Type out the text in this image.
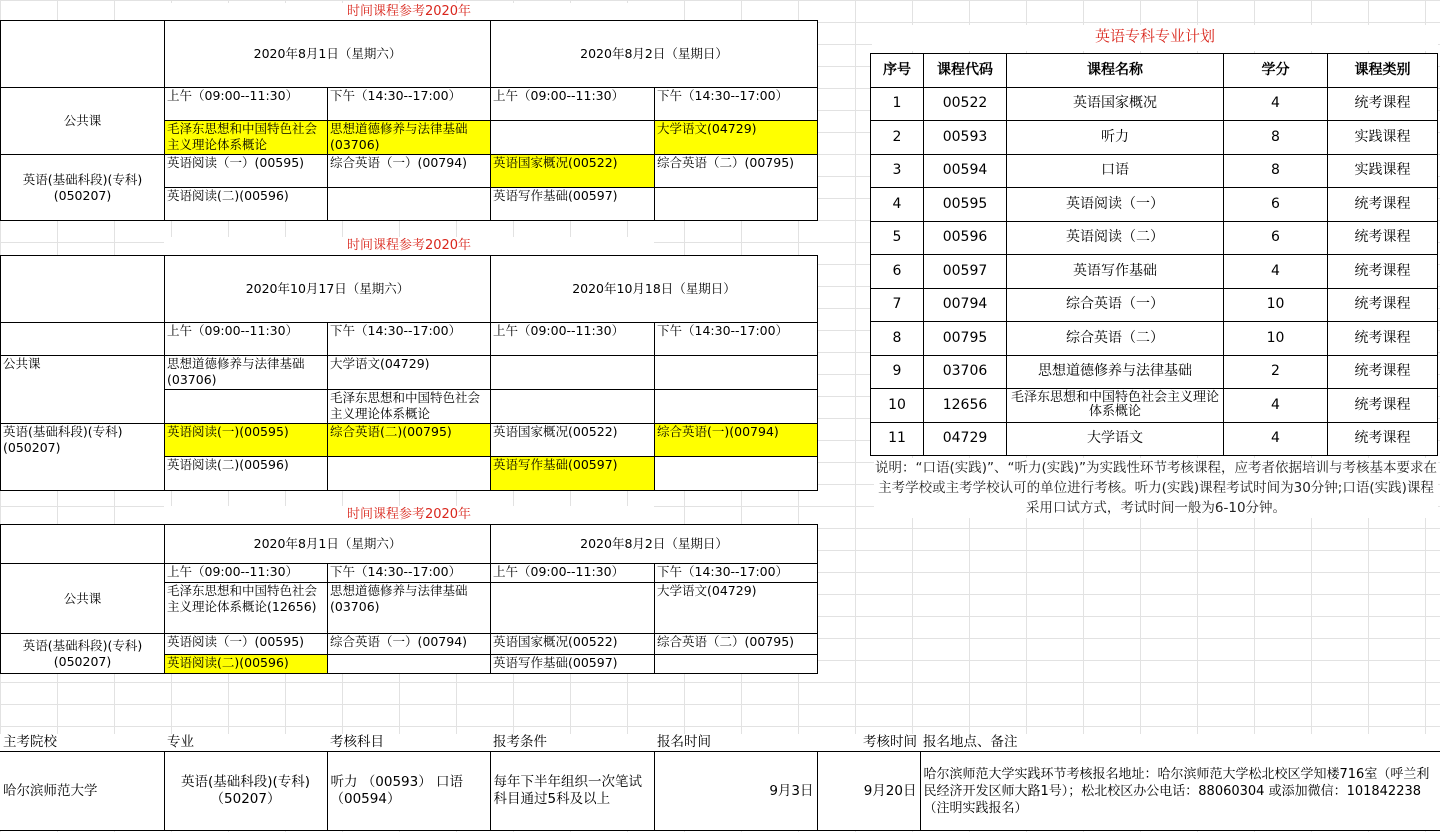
时间课程参考2020年
	2020年8月1日（星期六）		2020年8月2日（星期日）	
公共课	上午（09:00--11:30）	下午（14:30--17:00）	上午（09:00--11:30）	下午（14:30--17:00）
	毛泽东思想和中国特色社会主义理论体系概论	思想道德修养与法律基础(03706)		大学语文(04729)
英语(基础科段)(专科)(050207)	英语阅读（一）(00595)	综合英语（一）(00794)	英语国家概况(00522)	综合英语（二）(00795)
	英语阅读(二)(00596)		英语写作基础(00597)	
时间课程参考2020年
	2020年10月17日（星期六）		2020年10月18日（星期日）	
	上午（09:00--11:30）	下午（14:30--17:00）	上午（09:00--11:30）	下午（14:30--17:00）
公共课	思想道德修养与法律基础(03706)	大学语文(04729)		
		毛泽东思想和中国特色社会主义理论体系概论		
英语(基础科段)(专科)(050207)	英语阅读(一)(00595)	综合英语(二)(00795)	英语国家概况(00522)	综合英语(一)(00794)
	英语阅读(二)(00596)		英语写作基础(00597)	
时间课程参考2020年
	2020年8月1日（星期六）		2020年8月2日（星期日）	
公共课	上午（09:00--11:30）	下午（14:30--17:00）	上午（09:00--11:30）	下午（14:30--17:00）
	毛泽东思想和中国特色社会主义理论体系概论(12656)	思想道德修养与法律基础(03706)		大学语文(04729)
英语(基础科段)(专科)(050207)	英语阅读（一）(00595)	综合英语（一）(00794)	英语国家概况(00522)	综合英语（二）(00795)
	英语阅读(二)(00596)		英语写作基础(00597)	
英语专科专业计划
序号	课程代码	课程名称	学分	课程类别
1	00522	英语国家概况	4	统考课程
2	00593	听力	8	实践课程
3	00594	口语	8	实践课程
4	00595	英语阅读（一）	6	统考课程
5	00596	英语阅读（二）	6	统考课程
6	00597	英语写作基础	4	统考课程
7	00794	综合英语（一）	10	统考课程
8	00795	综合英语（二）	10	统考课程
9	03706	思想道德修养与法律基础	2	统考课程
10	12656	毛泽东思想和中国特色社会主义理论体系概论	4	统考课程
11	04729	大学语文	4	统考课程
说明：“口语(实践)”、“听力(实践)”为实践性环节考核课程，应考者依据培训与考核基本要求在主考学校或主考学校认可的单位进行考核。听力(实践)课程考试时间为30分钟;口语(实践)课程采用口试方式，考试时间一般为6-10分钟。
主考院校	专业	考核科目	报考条件	报名时间	考核时间	报名地点、备注
哈尔滨师范大学	英语(基础科段)(专科)（50207）	听力 （00593） 口语 （00594）	每年下半年组织一次笔试科目通过5科及以上	9月3日	9月20日	哈尔滨师范大学实践环节考核报名地址：哈尔滨师范大学松北校区学知楼716室（呼兰利民经济开发区师大路1号）；松北校区办公电话：88060304 或添加微信：101842238（注明实践报名）
